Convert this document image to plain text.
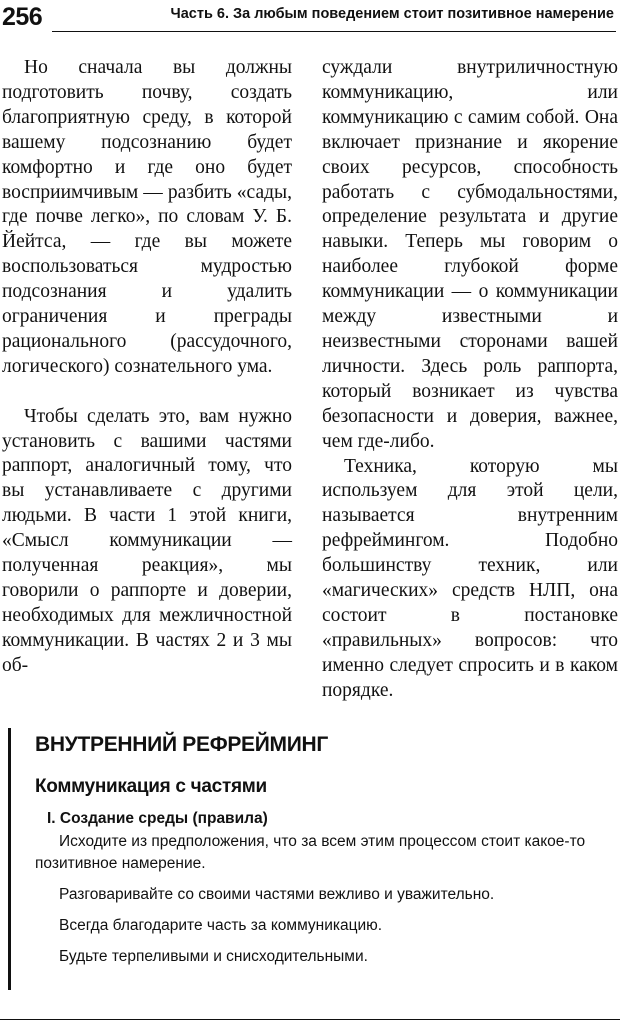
256	Часть 6. За любым поведением стоит позитивное намерение

Но сначала вы должны подготовить почву, создать благоприятную среду, в которой вашему подсознанию будет комфортно и где оно будет восприимчивым — разбить «сады, где почве легко», по словам У. Б. Йейтса, — где вы можете воспользоваться мудростью подсознания и удалить ограничения и преграды рационального (рассудочного, логического) сознательного ума.

Чтобы сделать это, вам нужно установить с вашими частями раппорт, аналогичный тому, что вы устанавливаете с другими людьми. В части 1 этой книги, «Смысл коммуникации — полученная реакция», мы говорили о раппорте и доверии, необходимых для межличностной коммуникации. В частях 2 и 3 мы об-

суждали внутриличностную коммуникацию, или коммуникацию с самим собой. Она включает признание и якорение своих ресурсов, способность работать с субмодальностями, определение результата и другие навыки. Теперь мы говорим о наиболее глубокой форме коммуникации — о коммуникации между известными и неизвестными сторонами вашей личности. Здесь роль раппорта, который возникает из чувства безопасности и доверия, важнее, чем где-либо.

Техника, которую мы используем для этой цели, называется внутренним рефреймингом. Подобно большинству техник, или «магических» средств НЛП, она состоит в постановке «правильных» вопросов: что именно следует спросить и в каком порядке.

ВНУТРЕННИЙ РЕФРЕЙМИНГ
Коммуникация с частями
I. Создание среды (правила)
Исходите из предположения, что за всем этим процессом стоит какое-то позитивное намерение.
Разговаривайте со своими частями вежливо и уважительно.
Всегда благодарите часть за коммуникацию.
Будьте терпеливыми и снисходительными.
